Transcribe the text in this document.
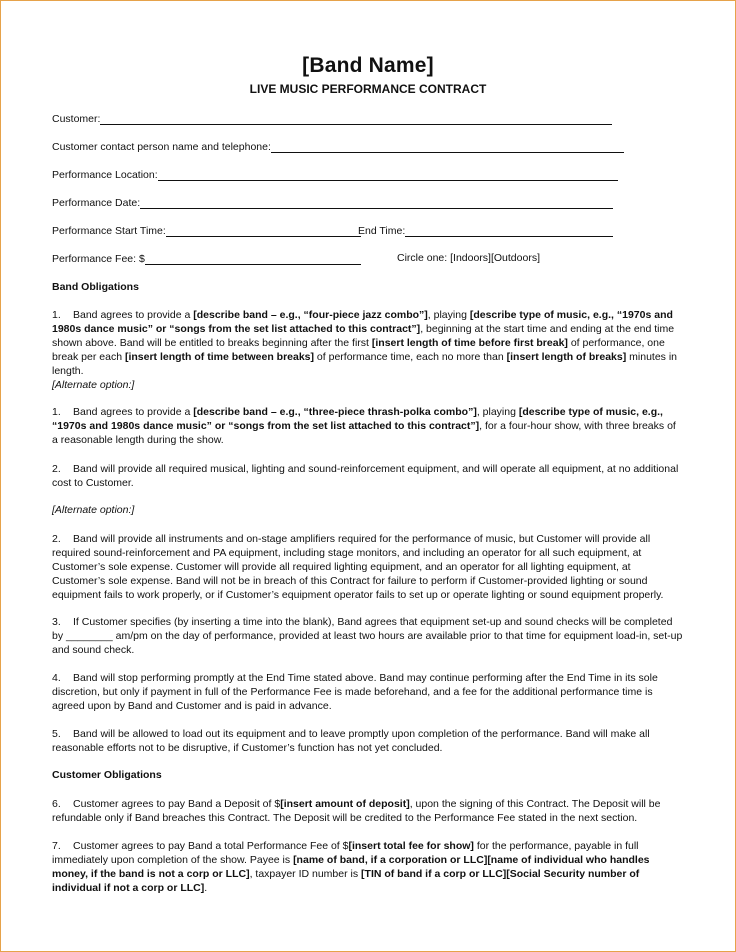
[Band Name]
LIVE MUSIC PERFORMANCE CONTRACT
Customer:
Customer contact person name and telephone:
Performance Location:
Performance Date:
Performance Start Time:	End Time:
Performance Fee: $	Circle one: [Indoors][Outdoors]
Band Obligations
1. Band agrees to provide a [describe band – e.g., “four-piece jazz combo”], playing [describe type of music, e.g., “1970s and 1980s dance music” or “songs from the set list attached to this contract”], beginning at the start time and ending at the end time shown above. Band will be entitled to breaks beginning after the first [insert length of time before first break] of performance, one break per each [insert length of time between breaks] of performance time, each no more than [insert length of breaks] minutes in length.
[Alternate option:]
1. Band agrees to provide a [describe band – e.g., “three-piece thrash-polka combo”], playing [describe type of music, e.g., “1970s and 1980s dance music” or “songs from the set list attached to this contract”], for a four-hour show, with three breaks of a reasonable length during the show.
2. Band will provide all required musical, lighting and sound-reinforcement equipment, and will operate all equipment, at no additional cost to Customer.
[Alternate option:]
2. Band will provide all instruments and on-stage amplifiers required for the performance of music, but Customer will provide all required sound-reinforcement and PA equipment, including stage monitors, and including an operator for all such equipment, at Customer’s sole expense. Customer will provide all required lighting equipment, and an operator for all lighting equipment, at Customer’s sole expense. Band will not be in breach of this Contract for failure to perform if Customer-provided lighting or sound equipment fails to work properly, or if Customer’s equipment operator fails to set up or operate lighting or sound equipment properly.
3. If Customer specifies (by inserting a time into the blank), Band agrees that equipment set-up and sound checks will be completed by ________ am/pm on the day of performance, provided at least two hours are available prior to that time for equipment load-in, set-up and sound check.
4. Band will stop performing promptly at the End Time stated above. Band may continue performing after the End Time in its sole discretion, but only if payment in full of the Performance Fee is made beforehand, and a fee for the additional performance time is agreed upon by Band and Customer and is paid in advance.
5. Band will be allowed to load out its equipment and to leave promptly upon completion of the performance. Band will make all reasonable efforts not to be disruptive, if Customer’s function has not yet concluded.
Customer Obligations
6. Customer agrees to pay Band a Deposit of $[insert amount of deposit], upon the signing of this Contract. The Deposit will be refundable only if Band breaches this Contract. The Deposit will be credited to the Performance Fee stated in the next section.
7. Customer agrees to pay Band a total Performance Fee of $[insert total fee for show] for the performance, payable in full immediately upon completion of the show. Payee is [name of band, if a corporation or LLC][name of individual who handles money, if the band is not a corp or LLC], taxpayer ID number is [TIN of band if a corp or LLC][Social Security number of individual if not a corp or LLC].
